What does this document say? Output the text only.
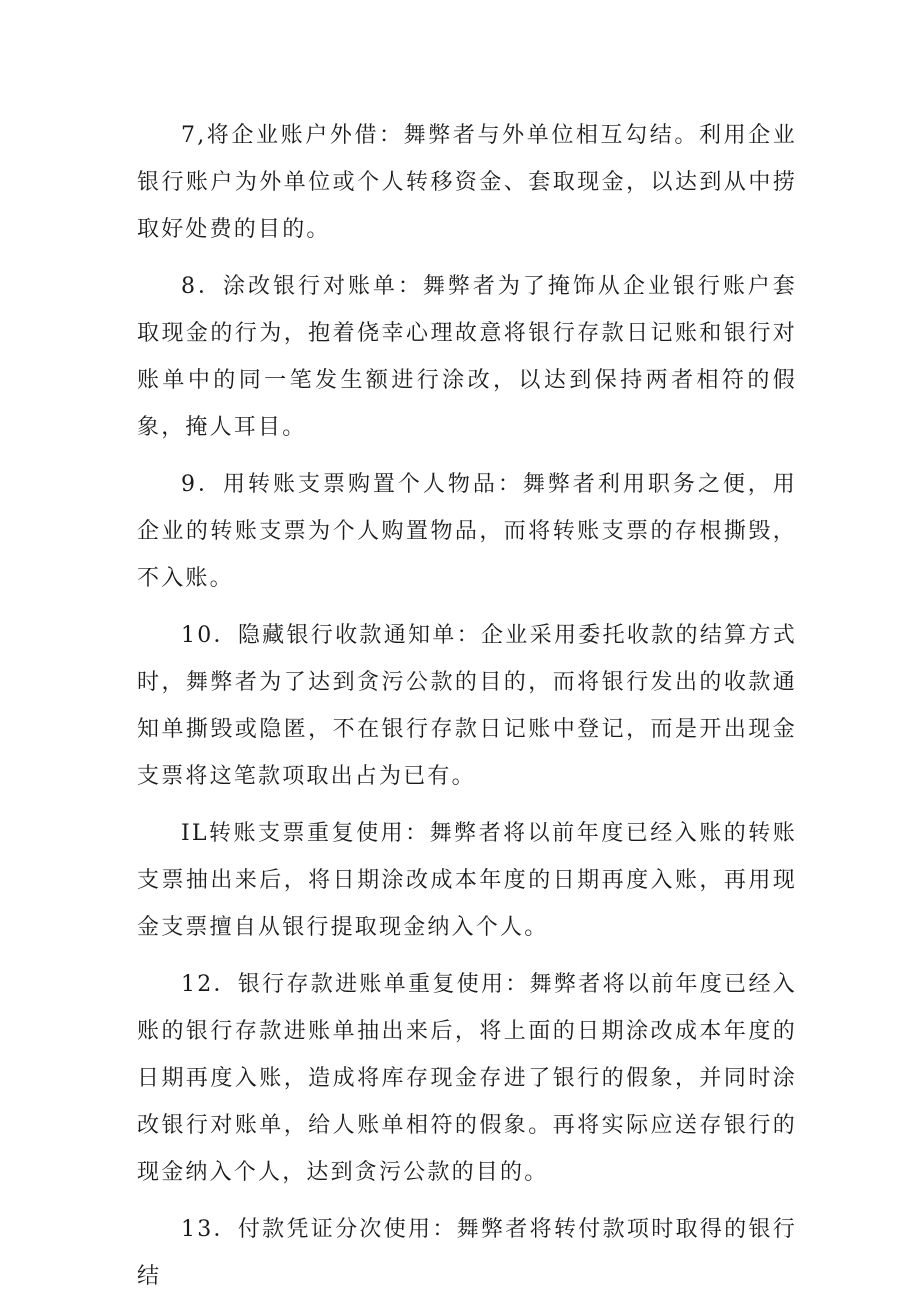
7,将企业账户外借：舞弊者与外单位相互勾结。利用企业银行账户为外单位或个人转移资金、套取现金，以达到从中捞取好处费的目的。

8．涂改银行对账单：舞弊者为了掩饰从企业银行账户套取现金的行为，抱着侥幸心理故意将银行存款日记账和银行对账单中的同一笔发生额进行涂改，以达到保持两者相符的假象，掩人耳目。

9．用转账支票购置个人物品：舞弊者利用职务之便，用企业的转账支票为个人购置物品，而将转账支票的存根撕毁，不入账。

10．隐藏银行收款通知单：企业采用委托收款的结算方式时，舞弊者为了达到贪污公款的目的，而将银行发出的收款通知单撕毁或隐匿，不在银行存款日记账中登记，而是开出现金支票将这笔款项取出占为已有。

IL转账支票重复使用：舞弊者将以前年度已经入账的转账支票抽出来后，将日期涂改成本年度的日期再度入账，再用现金支票擅自从银行提取现金纳入个人。

12．银行存款进账单重复使用：舞弊者将以前年度已经入账的银行存款进账单抽出来后，将上面的日期涂改成本年度的日期再度入账，造成将库存现金存进了银行的假象，并同时涂改银行对账单，给人账单相符的假象。再将实际应送存银行的现金纳入个人，达到贪污公款的目的。

13．付款凭证分次使用：舞弊者将转付款项时取得的银行结
